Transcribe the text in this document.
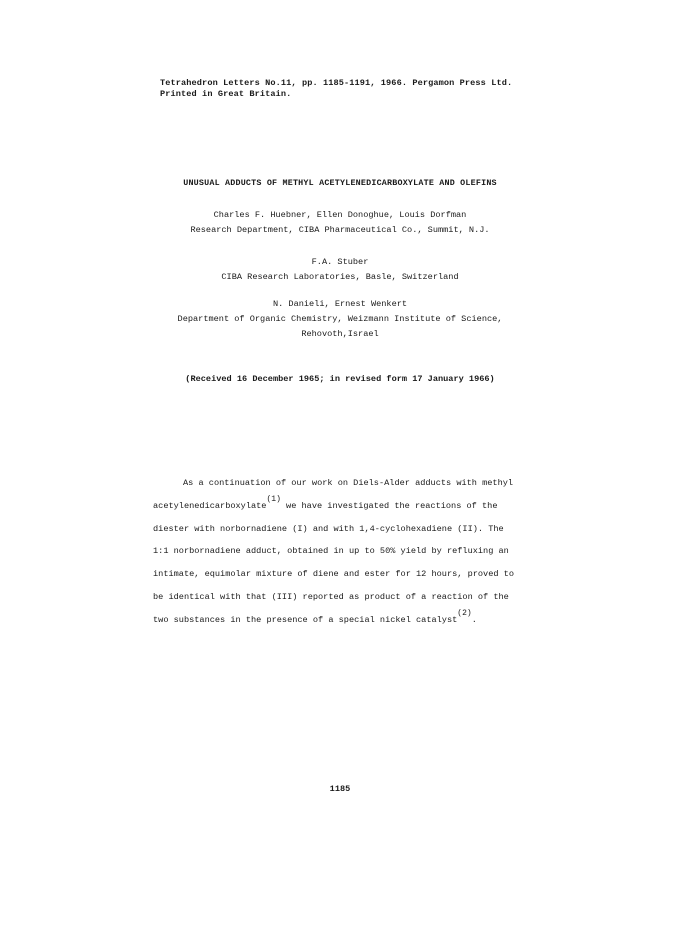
Tetrahedron Letters No.11, pp. 1185-1191, 1966. Pergamon Press Ltd.
Printed in Great Britain.
UNUSUAL ADDUCTS OF METHYL ACETYLENEDICARBOXYLATE AND OLEFINS
Charles F. Huebner, Ellen Donoghue, Louis Dorfman
Research Department, CIBA Pharmaceutical Co., Summit, N.J.
F.A. Stuber
CIBA Research Laboratories, Basle, Switzerland
N. Danieli, Ernest Wenkert
Department of Organic Chemistry, Weizmann Institute of Science,
Rehovoth,Israel
(Received 16 December 1965; in revised form 17 January 1966)
As a continuation of our work on Diels-Alder adducts with methyl
acetylenedicarboxylate(1) we have investigated the reactions of the
diester with norbornadiene (I) and with 1,4-cyclohexadiene (II). The
1:1 norbornadiene adduct, obtained in up to 50% yield by refluxing an
intimate, equimolar mixture of diene and ester for 12 hours, proved to
be identical with that (III) reported as product of a reaction of the
two substances in the presence of a special nickel catalyst(2).
1185
